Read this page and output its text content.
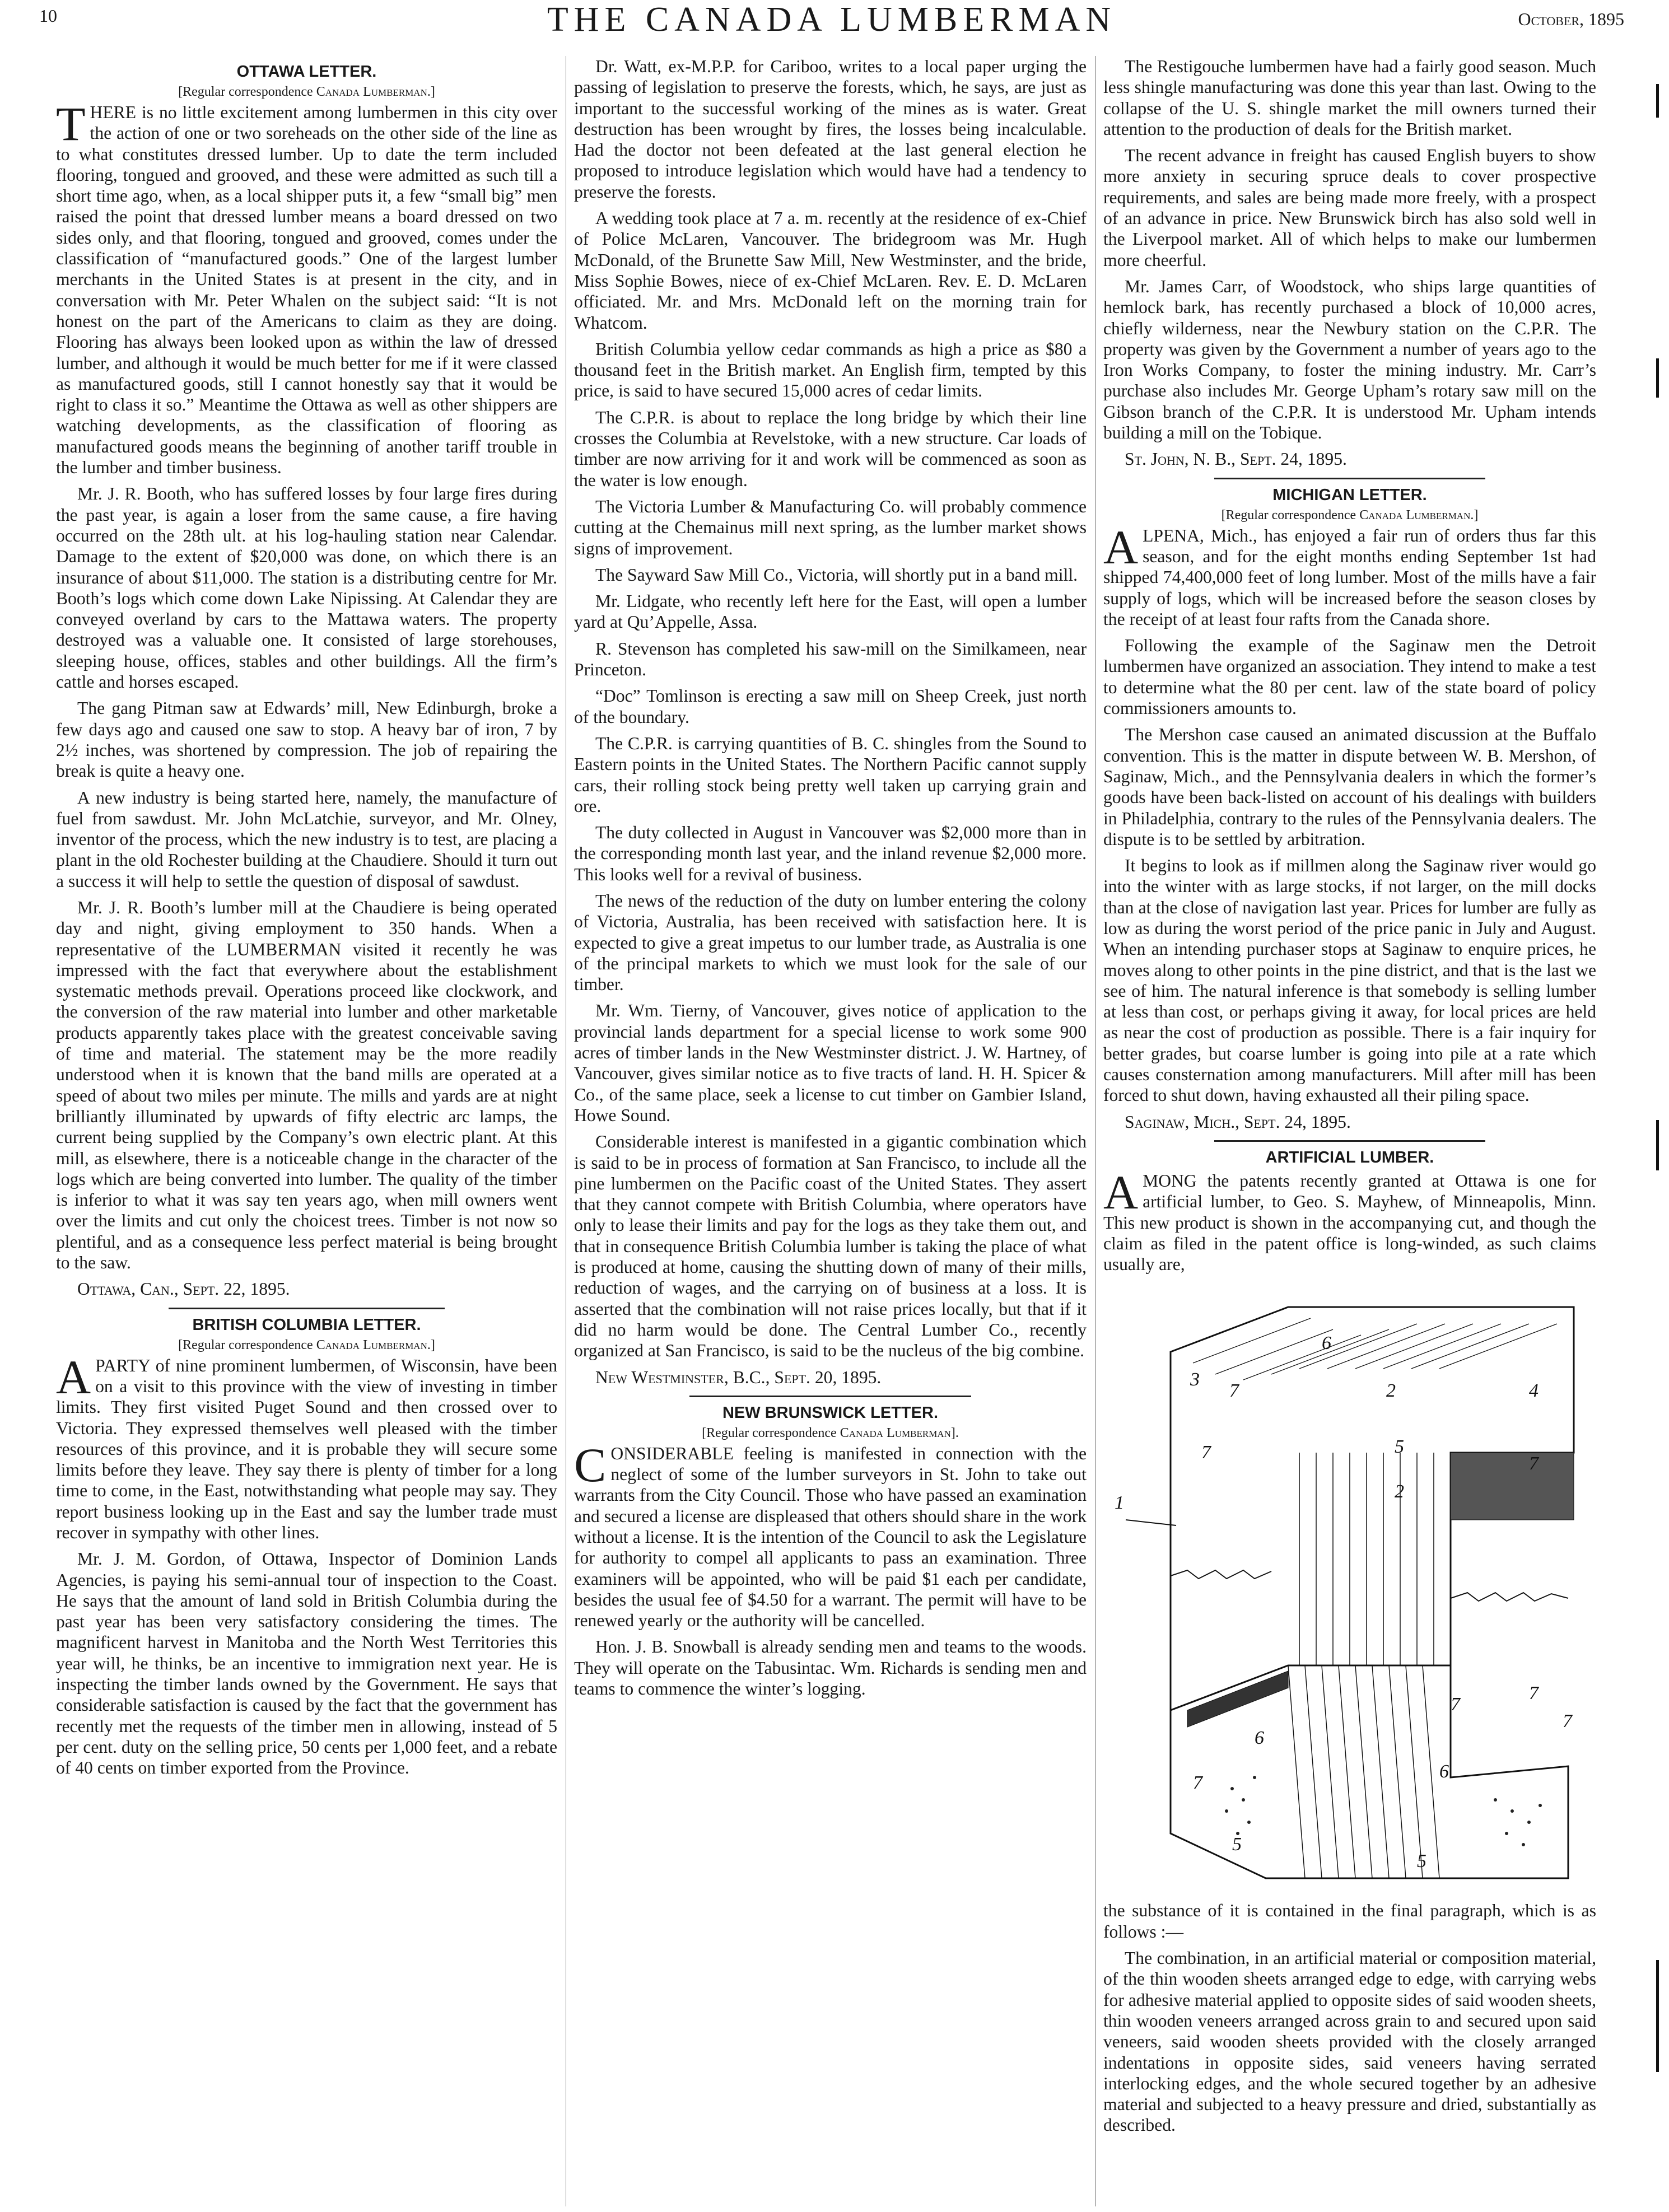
10	THE CANADA LUMBERMAN	October, 1895
OTTAWA LETTER.
[Regular correspondence Canada Lumberman.]

THERE is no little excitement among lumbermen in this city over the action of one or two soreheads on the other side of the line as to what constitutes dressed lumber. Up to date the term included flooring, tongued and grooved, and these were admitted as such till a short time ago, when, as a local shipper puts it, a few “small big” men raised the point that dressed lumber means a board dressed on two sides only, and that flooring, tongued and grooved, comes under the classification of “manufactured goods.” One of the largest lumber merchants in the United States is at present in the city, and in conversation with Mr. Peter Whalen on the subject said: “It is not honest on the part of the Americans to claim as they are doing. Flooring has always been looked upon as within the law of dressed lumber, and although it would be much better for me if it were classed as manufactured goods, still I cannot honestly say that it would be right to class it so.” Meantime the Ottawa as well as other shippers are watching developments, as the classification of flooring as manufactured goods means the beginning of another tariff trouble in the lumber and timber business.

Mr. J. R. Booth, who has suffered losses by four large fires during the past year, is again a loser from the same cause, a fire having occurred on the 28th ult. at his log-hauling station near Calendar. Damage to the extent of $20,000 was done, on which there is an insurance of about $11,000. The station is a distributing centre for Mr. Booth’s logs which come down Lake Nipissing. At Calendar they are conveyed overland by cars to the Mattawa waters. The property destroyed was a valuable one. It consisted of large storehouses, sleeping house, offices, stables and other buildings. All the firm’s cattle and horses escaped.

The gang Pitman saw at Edwards’ mill, New Edinburgh, broke a few days ago and caused one saw to stop. A heavy bar of iron, 7 by 2½ inches, was shortened by compression. The job of repairing the break is quite a heavy one.

A new industry is being started here, namely, the manufacture of fuel from sawdust. Mr. John McLatchie, surveyor, and Mr. Olney, inventor of the process, which the new industry is to test, are placing a plant in the old Rochester building at the Chaudiere. Should it turn out a success it will help to settle the question of disposal of sawdust.

Mr. J. R. Booth’s lumber mill at the Chaudiere is being operated day and night, giving employment to 350 hands. When a representative of the LUMBERMAN visited it recently he was impressed with the fact that everywhere about the establishment systematic methods prevail. Operations proceed like clockwork, and the conversion of the raw material into lumber and other marketable products apparently takes place with the greatest conceivable saving of time and material. The statement may be the more readily understood when it is known that the band mills are operated at a speed of about two miles per minute. The mills and yards are at night brilliantly illuminated by upwards of fifty electric arc lamps, the current being supplied by the Company’s own electric plant. At this mill, as elsewhere, there is a noticeable change in the character of the logs which are being converted into lumber. The quality of the timber is inferior to what it was say ten years ago, when mill owners went over the limits and cut only the choicest trees. Timber is not now so plentiful, and as a consequence less perfect material is being brought to the saw.

Ottawa, Can., Sept. 22, 1895.

BRITISH COLUMBIA LETTER.
[Regular correspondence Canada Lumberman.]

APARTY of nine prominent lumbermen, of Wisconsin, have been on a visit to this province with the view of investing in timber limits. They first visited Puget Sound and then crossed over to Victoria. They expressed themselves well pleased with the timber resources of this province, and it is probable they will secure some limits before they leave. They say there is plenty of timber for a long time to come, in the East, notwithstanding what people may say. They report business looking up in the East and say the lumber trade must recover in sympathy with other lines.

Mr. J. M. Gordon, of Ottawa, Inspector of Dominion Lands Agencies, is paying his semi-annual tour of inspection to the Coast. He says that the amount of land sold in British Columbia during the past year has been very satisfactory considering the times. The magnificent harvest in Manitoba and the North West Territories this year will, he thinks, be an incentive to immigration next year. He is inspecting the timber lands owned by the Government. He says that considerable satisfaction is caused by the fact that the government has recently met the requests of the timber men in allowing, instead of 5 per cent. duty on the selling price, 50 cents per 1,000 feet, and a rebate of 40 cents on timber exported from the Province.

Dr. Watt, ex-M.P.P. for Cariboo, writes to a local paper urging the passing of legislation to preserve the forests, which, he says, are just as important to the successful working of the mines as is water. Great destruction has been wrought by fires, the losses being incalculable. Had the doctor not been defeated at the last general election he proposed to introduce legislation which would have had a tendency to preserve the forests.

A wedding took place at 7 a. m. recently at the residence of ex-Chief of Police McLaren, Vancouver. The bridegroom was Mr. Hugh McDonald, of the Brunette Saw Mill, New Westminster, and the bride, Miss Sophie Bowes, niece of ex-Chief McLaren. Rev. E. D. McLaren officiated. Mr. and Mrs. McDonald left on the morning train for Whatcom.

British Columbia yellow cedar commands as high a price as $80 a thousand feet in the British market. An English firm, tempted by this price, is said to have secured 15,000 acres of cedar limits.

The C.P.R. is about to replace the long bridge by which their line crosses the Columbia at Revelstoke, with a new structure. Car loads of timber are now arriving for it and work will be commenced as soon as the water is low enough.

The Victoria Lumber & Manufacturing Co. will probably commence cutting at the Chemainus mill next spring, as the lumber market shows signs of improvement.

The Sayward Saw Mill Co., Victoria, will shortly put in a band mill.

Mr. Lidgate, who recently left here for the East, will open a lumber yard at Qu’Appelle, Assa.

R. Stevenson has completed his saw-mill on the Similkameen, near Princeton.

“Doc” Tomlinson is erecting a saw mill on Sheep Creek, just north of the boundary.

The C.P.R. is carrying quantities of B. C. shingles from the Sound to Eastern points in the United States. The Northern Pacific cannot supply cars, their rolling stock being pretty well taken up carrying grain and ore.

The duty collected in August in Vancouver was $2,000 more than in the corresponding month last year, and the inland revenue $2,000 more. This looks well for a revival of business.

The news of the reduction of the duty on lumber entering the colony of Victoria, Australia, has been received with satisfaction here. It is expected to give a great impetus to our lumber trade, as Australia is one of the principal markets to which we must look for the sale of our timber.

Mr. Wm. Tierny, of Vancouver, gives notice of application to the provincial lands department for a special license to work some 900 acres of timber lands in the New Westminster district. J. W. Hartney, of Vancouver, gives similar notice as to five tracts of land. H. H. Spicer & Co., of the same place, seek a license to cut timber on Gambier Island, Howe Sound.

Considerable interest is manifested in a gigantic combination which is said to be in process of formation at San Francisco, to include all the pine lumbermen on the Pacific coast of the United States. They assert that they cannot compete with British Columbia, where operators have only to lease their limits and pay for the logs as they take them out, and that in consequence British Columbia lumber is taking the place of what is produced at home, causing the shutting down of many of their mills, reduction of wages, and the carrying on of business at a loss. It is asserted that the combination will not raise prices locally, but that if it did no harm would be done. The Central Lumber Co., recently organized at San Francisco, is said to be the nucleus of the big combine.

New Westminster, B.C., Sept. 20, 1895.

NEW BRUNSWICK LETTER.
[Regular correspondence Canada Lumberman].

CONSIDERABLE feeling is manifested in connection with the neglect of some of the lumber surveyors in St. John to take out warrants from the City Council. Those who have passed an examination and secured a license are displeased that others should share in the work without a license. It is the intention of the Council to ask the Legislature for authority to compel all applicants to pass an examination. Three examiners will be appointed, who will be paid $1 each per candidate, besides the usual fee of $4.50 for a warrant. The permit will have to be renewed yearly or the authority will be cancelled.

Hon. J. B. Snowball is already sending men and teams to the woods. They will operate on the Tabusintac. Wm. Richards is sending men and teams to commence the winter’s logging.

The Restigouche lumbermen have had a fairly good season. Much less shingle manufacturing was done this year than last. Owing to the collapse of the U. S. shingle market the mill owners turned their attention to the production of deals for the British market.

The recent advance in freight has caused English buyers to show more anxiety in securing spruce deals to cover prospective requirements, and sales are being made more freely, with a prospect of an advance in price. New Brunswick birch has also sold well in the Liverpool market. All of which helps to make our lumbermen more cheerful.

Mr. James Carr, of Woodstock, who ships large quantities of hemlock bark, has recently purchased a block of 10,000 acres, chiefly wilderness, near the Newbury station on the C.P.R. The property was given by the Government a number of years ago to the Iron Works Company, to foster the mining industry. Mr. Carr’s purchase also includes Mr. George Upham’s rotary saw mill on the Gibson branch of the C.P.R. It is understood Mr. Upham intends building a mill on the Tobique.

St. John, N. B., Sept. 24, 1895.

MICHIGAN LETTER.
[Regular correspondence Canada Lumberman.]

ALPENA, Mich., has enjoyed a fair run of orders thus far this season, and for the eight months ending September 1st had shipped 74,400,000 feet of long lumber. Most of the mills have a fair supply of logs, which will be increased before the season closes by the receipt of at least four rafts from the Canada shore.

Following the example of the Saginaw men the Detroit lumbermen have organized an association. They intend to make a test to determine what the 80 per cent. law of the state board of policy commissioners amounts to.

The Mershon case caused an animated discussion at the Buffalo convention. This is the matter in dispute between W. B. Mershon, of Saginaw, Mich., and the Pennsylvania dealers in which the former’s goods have been back-listed on account of his dealings with builders in Philadelphia, contrary to the rules of the Pennsylvania dealers. The dispute is to be settled by arbitration.

It begins to look as if millmen along the Saginaw river would go into the winter with as large stocks, if not larger, on the mill docks than at the close of navigation last year. Prices for lumber are fully as low as during the worst period of the price panic in July and August. When an intending purchaser stops at Saginaw to enquire prices, he moves along to other points in the pine district, and that is the last we see of him. The natural inference is that somebody is selling lumber at less than cost, or perhaps giving it away, for local prices are held as near the cost of production as possible. There is a fair inquiry for better grades, but coarse lumber is going into pile at a rate which causes consternation among manufacturers. Mill after mill has been forced to shut down, having exhausted all their piling space.

Saginaw, Mich., Sept. 24, 1895.

ARTIFICIAL LUMBER.

AMONG the patents recently granted at Ottawa is one for artificial lumber, to Geo. S. Mayhew, of Minneapolis, Minn. This new product is shown in the accompanying cut, and though the claim as filed in the patent office is long-winded, as such claims usually are,

1
3
7
6
2	4
7
7
5
2
7
7
6
5
6
7
5
7

the substance of it is contained in the final paragraph, which is as follows :—

The combination, in an artificial material or composition material, of the thin wooden sheets arranged edge to edge, with carrying webs for adhesive material applied to opposite sides of said wooden sheets, thin wooden veneers arranged across grain to and secured upon said veneers, said wooden sheets provided with the closely arranged indentations in opposite sides, said veneers having serrated interlocking edges, and the whole secured together by an adhesive material and subjected to a heavy pressure and dried, substantially as described.
